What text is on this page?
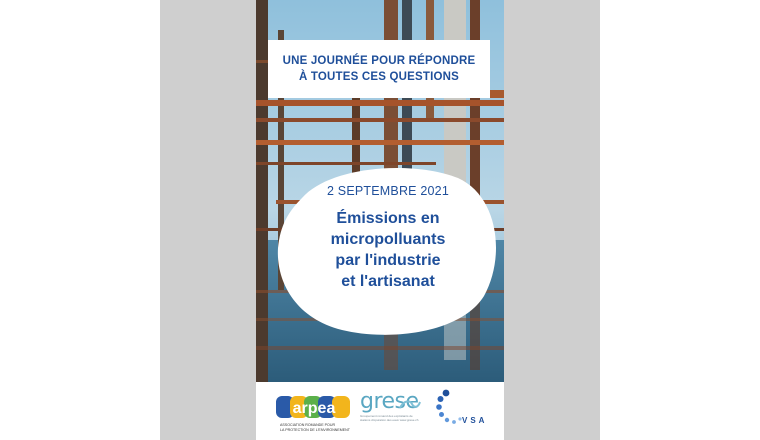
UNE JOURNÉE POUR RÉPONDRE
À TOUTES CES QUESTIONS
2 SEPTEMBRE 2021
Émissions en
micropolluants
par l'industrie
et l'artisanat
arpea
ASSOCIATION ROMANDE POUR
LA PROTECTION DE L'ENVIRONNEMENT
grese
Groupement romand des exploitants de stations d'épuration des eaux www.grese.ch	VSA
